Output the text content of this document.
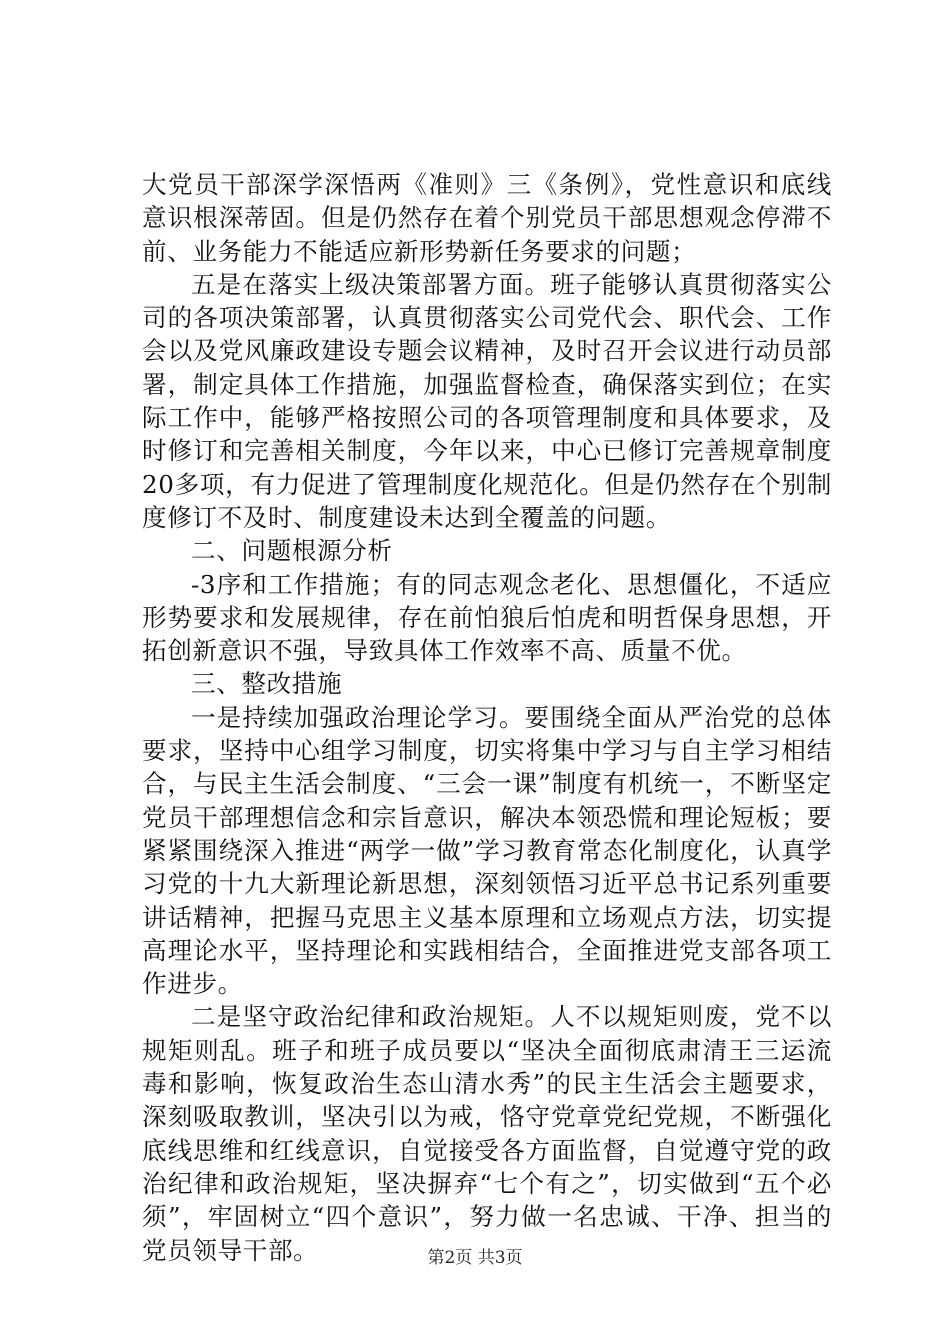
大党员干部深学深悟两《准则》三《条例》，党性意识和底线意识根深蒂固。但是仍然存在着个别党员干部思想观念停滞不前、业务能力不能适应新形势新任务要求的问题；

五是在落实上级决策部署方面。班子能够认真贯彻落实公司的各项决策部署，认真贯彻落实公司党代会、职代会、工作会以及党风廉政建设专题会议精神，及时召开会议进行动员部署，制定具体工作措施，加强监督检查，确保落实到位；在实际工作中，能够严格按照公司的各项管理制度和具体要求，及时修订和完善相关制度，今年以来，中心已修订完善规章制度20多项，有力促进了管理制度化规范化。但是仍然存在个别制度修订不及时、制度建设未达到全覆盖的问题。

二、问题根源分析

-3序和工作措施；有的同志观念老化、思想僵化，不适应形势要求和发展规律，存在前怕狼后怕虎和明哲保身思想，开拓创新意识不强，导致具体工作效率不高、质量不优。

三、整改措施

一是持续加强政治理论学习。要围绕全面从严治党的总体要求，坚持中心组学习制度，切实将集中学习与自主学习相结合，与民主生活会制度、“三会一课”制度有机统一，不断坚定党员干部理想信念和宗旨意识，解决本领恐慌和理论短板；要紧紧围绕深入推进“两学一做”学习教育常态化制度化，认真学习党的十九大新理论新思想，深刻领悟习近平总书记系列重要讲话精神，把握马克思主义基本原理和立场观点方法，切实提高理论水平，坚持理论和实践相结合，全面推进党支部各项工作进步。

二是坚守政治纪律和政治规矩。人不以规矩则废，党不以规矩则乱。班子和班子成员要以“坚决全面彻底肃清王三运流毒和影响，恢复政治生态山清水秀”的民主生活会主题要求，深刻吸取教训，坚决引以为戒，恪守党章党纪党规，不断强化底线思维和红线意识，自觉接受各方面监督，自觉遵守党的政治纪律和政治规矩，坚决摒弃“七个有之”，切实做到“五个必须”，牢固树立“四个意识”，努力做一名忠诚、干净、担当的党员领导干部。	第2页 共3页
